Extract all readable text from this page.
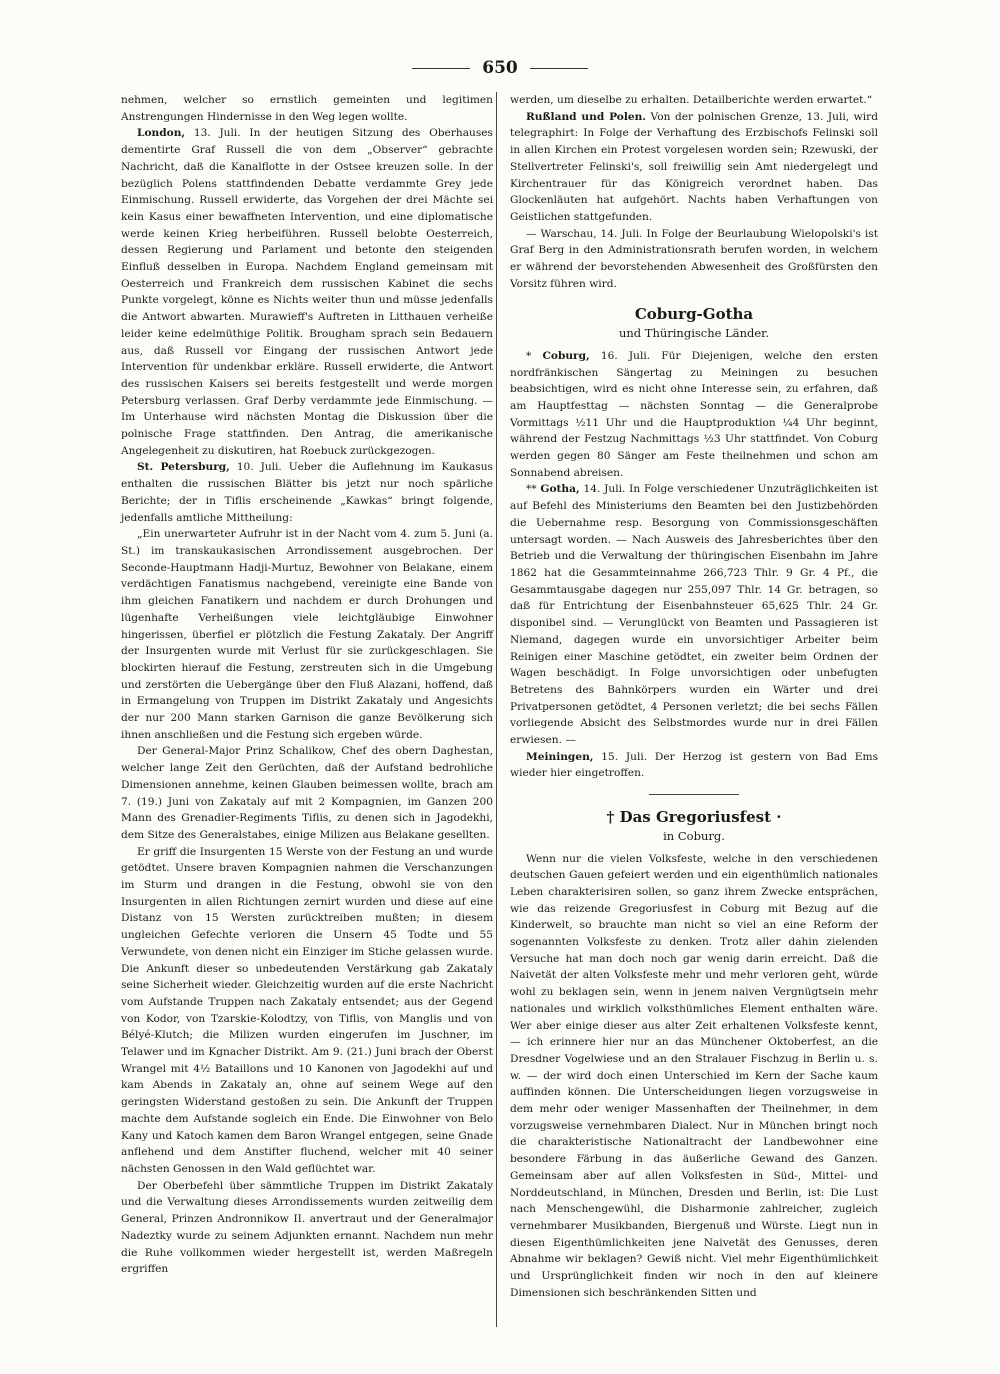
650

nehmen, welcher so ernstlich gemeinten und legitimen Anstrengungen Hindernisse in den Weg legen wollte.

London, 13. Juli. In der heutigen Sitzung des Oberhauses dementirte Graf Russell die von dem „Observer“ gebrachte Nachricht, daß die Kanalflotte in der Ostsee kreuzen solle. In der bezüglich Polens stattfindenden Debatte verdammte Grey jede Einmischung. Russell erwiderte, das Vorgehen der drei Mächte sei kein Kasus einer bewaffneten Intervention, und eine diplomatische werde keinen Krieg herbeiführen. Russell belobte Oesterreich, dessen Regierung und Parlament und betonte den steigenden Einfluß desselben in Europa. Nachdem England gemeinsam mit Oesterreich und Frankreich dem russischen Kabinet die sechs Punkte vorgelegt, könne es Nichts weiter thun und müsse jedenfalls die Antwort abwarten. Murawieff's Auftreten in Litthauen verheiße leider keine edelmüthige Politik. Brougham sprach sein Bedauern aus, daß Russell vor Eingang der russischen Antwort jede Intervention für undenkbar erkläre. Russell erwiderte, die Antwort des russischen Kaisers sei bereits festgestellt und werde morgen Petersburg verlassen. Graf Derby verdammte jede Einmischung. — Im Unterhause wird nächsten Montag die Diskussion über die polnische Frage stattfinden. Den Antrag, die amerikanische Angelegenheit zu diskutiren, hat Roebuck zurückgezogen.

St. Petersburg, 10. Juli. Ueber die Auflehnung im Kaukasus enthalten die russischen Blätter bis jetzt nur noch spärliche Berichte; der in Tiflis erscheinende „Kawkas“ bringt folgende, jedenfalls amtliche Mittheilung:

„Ein unerwarteter Aufruhr ist in der Nacht vom 4. zum 5. Juni (a. St.) im transkaukasischen Arrondissement ausgebrochen. Der Seconde-Hauptmann Hadji-Murtuz, Bewohner von Belakane, einem verdächtigen Fanatismus nachgebend, vereinigte eine Bande von ihm gleichen Fanatikern und nachdem er durch Drohungen und lügenhafte Verheißungen viele leichtgläubige Einwohner hingerissen, überfiel er plötzlich die Festung Zakataly. Der Angriff der Insurgenten wurde mit Verlust für sie zurückgeschlagen. Sie blockirten hierauf die Festung, zerstreuten sich in die Umgebung und zerstörten die Uebergänge über den Fluß Alazani, hoffend, daß in Ermangelung von Truppen im Distrikt Zakataly und Angesichts der nur 200 Mann starken Garnison die ganze Bevölkerung sich ihnen anschließen und die Festung sich ergeben würde.

Der General-Major Prinz Schalikow, Chef des obern Daghestan, welcher lange Zeit den Gerüchten, daß der Aufstand bedrohliche Dimensionen annehme, keinen Glauben beimessen wollte, brach am 7. (19.) Juni von Zakataly auf mit 2 Kompagnien, im Ganzen 200 Mann des Grenadier-Regiments Tiflis, zu denen sich in Jagodekhi, dem Sitze des Generalstabes, einige Milizen aus Belakane gesellten.

Er griff die Insurgenten 15 Werste von der Festung an und wurde getödtet. Unsere braven Kompagnien nahmen die Verschanzungen im Sturm und drangen in die Festung, obwohl sie von den Insurgenten in allen Richtungen zernirt wurden und diese auf eine Distanz von 15 Wersten zurücktreiben mußten; in diesem ungleichen Gefechte verloren die Unsern 45 Todte und 55 Verwundete, von denen nicht ein Einziger im Stiche gelassen wurde. Die Ankunft dieser so unbedeutenden Verstärkung gab Zakataly seine Sicherheit wieder. Gleichzeitig wurden auf die erste Nachricht vom Aufstande Truppen nach Zakataly entsendet; aus der Gegend von Kodor, von Tzarskie-Kolodtzy, von Tiflis, von Manglis und von Bélyé-Klutch; die Milizen wurden eingerufen im Juschner, im Telawer und im Kgnacher Distrikt. Am 9. (21.) Juni brach der Oberst Wrangel mit 4½ Bataillons und 10 Kanonen von Jagodekhi auf und kam Abends in Zakataly an, ohne auf seinem Wege auf den geringsten Widerstand gestoßen zu sein. Die Ankunft der Truppen machte dem Aufstande sogleich ein Ende. Die Einwohner von Belo Kany und Katoch kamen dem Baron Wrangel entgegen, seine Gnade anflehend und dem Anstifter fluchend, welcher mit 40 seiner nächsten Genossen in den Wald geflüchtet war.

Der Oberbefehl über sämmtliche Truppen im Distrikt Zakataly und die Verwaltung dieses Arrondissements wurden zeitweilig dem General, Prinzen Andronnikow II. anvertraut und der Generalmajor Nadeztky wurde zu seinem Adjunkten ernannt. Nachdem nun mehr die Ruhe vollkommen wieder hergestellt ist, werden Maßregeln ergriffen

werden, um dieselbe zu erhalten. Detailberichte werden erwartet.“

Rußland und Polen. Von der polnischen Grenze, 13. Juli, wird telegraphirt: In Folge der Verhaftung des Erzbischofs Felinski soll in allen Kirchen ein Protest vorgelesen worden sein; Rzewuski, der Stellvertreter Felinski's, soll freiwillig sein Amt niedergelegt und Kirchentrauer für das Königreich verordnet haben. Das Glockenläuten hat aufgehört. Nachts haben Verhaftungen von Geistlichen stattgefunden.

— Warschau, 14. Juli. In Folge der Beurlaubung Wielopolski's ist Graf Berg in den Administrationsrath berufen worden, in welchem er während der bevorstehenden Abwesenheit des Großfürsten den Vorsitz führen wird.

Coburg-Gotha
und Thüringische Länder.

* Coburg, 16. Juli. Für Diejenigen, welche den ersten nordfränkischen Sängertag zu Meiningen zu besuchen beabsichtigen, wird es nicht ohne Interesse sein, zu erfahren, daß am Hauptfesttag — nächsten Sonntag — die Generalprobe Vormittags ½11 Uhr und die Hauptproduktion ¼4 Uhr beginnt, während der Festzug Nachmittags ½3 Uhr stattfindet. Von Coburg werden gegen 80 Sänger am Feste theilnehmen und schon am Sonnabend abreisen.

** Gotha, 14. Juli. In Folge verschiedener Unzuträglichkeiten ist auf Befehl des Ministeriums den Beamten bei den Justizbehörden die Uebernahme resp. Besorgung von Commissionsgeschäften untersagt worden. — Nach Ausweis des Jahresberichtes über den Betrieb und die Verwaltung der thüringischen Eisenbahn im Jahre 1862 hat die Gesammteinnahme 266,723 Thlr. 9 Gr. 4 Pf., die Gesammtausgabe dagegen nur 255,097 Thlr. 14 Gr. betragen, so daß für Entrichtung der Eisenbahnsteuer 65,625 Thlr. 24 Gr. disponibel sind. — Verunglückt von Beamten und Passagieren ist Niemand, dagegen wurde ein unvorsichtiger Arbeiter beim Reinigen einer Maschine getödtet, ein zweiter beim Ordnen der Wagen beschädigt. In Folge unvorsichtigen oder unbefugten Betretens des Bahnkörpers wurden ein Wärter und drei Privatpersonen getödtet, 4 Personen verletzt; die bei sechs Fällen vorliegende Absicht des Selbstmordes wurde nur in drei Fällen erwiesen. —

Meiningen, 15. Juli. Der Herzog ist gestern von Bad Ems wieder hier eingetroffen.

† Das Gregoriusfest ·
in Coburg.

Wenn nur die vielen Volksfeste, welche in den verschiedenen deutschen Gauen gefeiert werden und ein eigenthümlich nationales Leben charakterisiren sollen, so ganz ihrem Zwecke entsprächen, wie das reizende Gregoriusfest in Coburg mit Bezug auf die Kinderwelt, so brauchte man nicht so viel an eine Reform der sogenannten Volksfeste zu denken. Trotz aller dahin zielenden Versuche hat man doch noch gar wenig darin erreicht. Daß die Naivetät der alten Volksfeste mehr und mehr verloren geht, würde wohl zu beklagen sein, wenn in jenem naiven Vergnügtsein mehr nationales und wirklich volksthümliches Element enthalten wäre. Wer aber einige dieser aus alter Zeit erhaltenen Volksfeste kennt, — ich erinnere hier nur an das Münchener Oktoberfest, an die Dresdner Vogelwiese und an den Stralauer Fischzug in Berlin u. s. w. — der wird doch einen Unterschied im Kern der Sache kaum auffinden können. Die Unterscheidungen liegen vorzugsweise in dem mehr oder weniger Massenhaften der Theilnehmer, in dem vorzugsweise vernehmbaren Dialect. Nur in München bringt noch die charakteristische Nationaltracht der Landbewohner eine besondere Färbung in das äußerliche Gewand des Ganzen. Gemeinsam aber auf allen Volksfesten in Süd-, Mittel- und Norddeutschland, in München, Dresden und Berlin, ist: Die Lust nach Menschengewühl, die Disharmonie zahlreicher, zugleich vernehmbarer Musikbanden, Biergenuß und Würste. Liegt nun in diesen Eigenthümlichkeiten jene Naivetät des Genusses, deren Abnahme wir beklagen? Gewiß nicht. Viel mehr Eigenthümlichkeit und Ursprünglichkeit finden wir noch in den auf kleinere Dimensionen sich beschränkenden Sitten und
